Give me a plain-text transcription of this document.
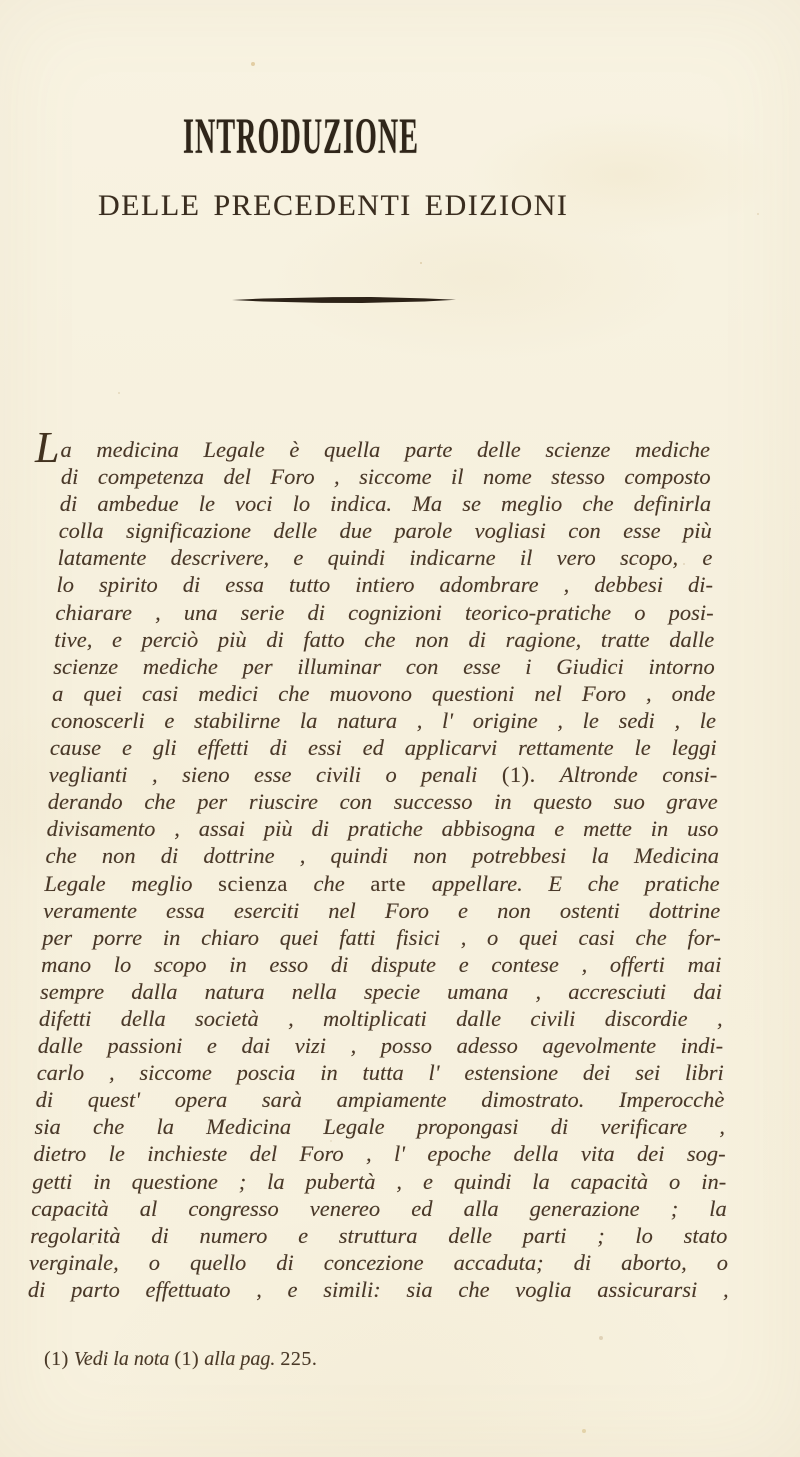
INTRODUZIONE
DELLE PRECEDENTI EDIZIONI
La medicina Legale è quella parte delle scienze mediche
di competenza del Foro , siccome il nome stesso composto
di ambedue le voci lo indica. Ma se meglio che definirla
colla significazione delle due parole vogliasi con esse più
latamente descrivere, e quindi indicarne il vero scopo, e
lo spirito di essa tutto intiero adombrare , debbesi di-
chiarare , una serie di cognizioni teorico-pratiche o posi-
tive, e perciò più di fatto che non di ragione, tratte dalle
scienze mediche per illuminar con esse i Giudici intorno
a quei casi medici che muovono questioni nel Foro , onde
conoscerli e stabilirne la natura , l' origine , le sedi , le
cause e gli effetti di essi ed applicarvi rettamente le leggi
veglianti , sieno esse civili o penali (1). Altronde consi-
derando che per riuscire con successo in questo suo grave
divisamento , assai più di pratiche abbisogna e mette in uso
che non di dottrine , quindi non potrebbesi la Medicina
Legale meglio scienza che arte appellare. E che pratiche
veramente essa eserciti nel Foro e non ostenti dottrine
per porre in chiaro quei fatti fisici , o quei casi che for-
mano lo scopo in esso di dispute e contese , offerti mai
sempre dalla natura nella specie umana , accresciuti dai
difetti della società , moltiplicati dalle civili discordie ,
dalle passioni e dai vizi , posso adesso agevolmente indi-
carlo , siccome poscia in tutta l' estensione dei sei libri
di quest' opera sarà ampiamente dimostrato. Imperocchè
sia che la Medicina Legale propongasi di verificare ,
dietro le inchieste del Foro , l' epoche della vita dei sog-
getti in questione ; la pubertà , e quindi la capacità o in-
capacità al congresso venereo ed alla generazione ; la
regolarità di numero e struttura delle parti ; lo stato
verginale, o quello di concezione accaduta; di aborto, o
di parto effettuato , e simili: sia che voglia assicurarsi ,
(1) Vedi la nota (1) alla pag. 225.
